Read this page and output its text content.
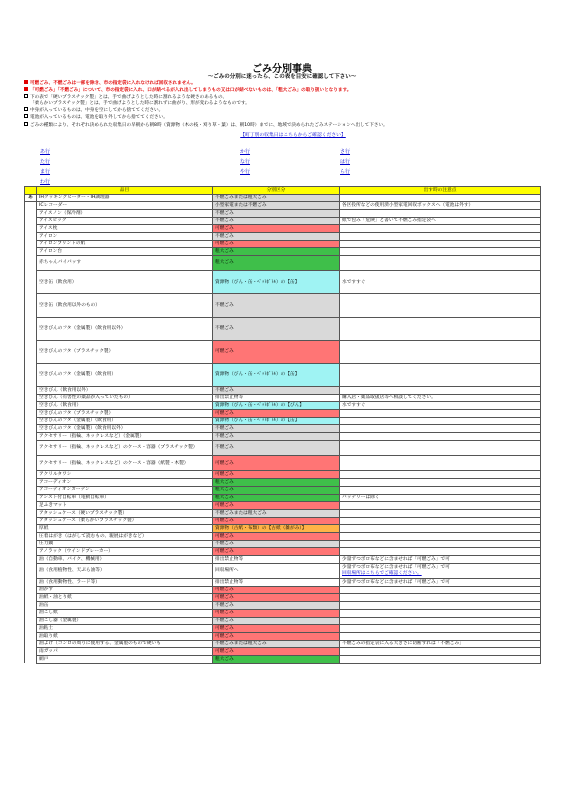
ごみ分別事典
〜ごみの分別に迷ったら、この表を目安に確認して下さい〜
可燃ごみ、不燃ごみは一部を除き、市の指定袋に入れなければ回収されません。
「可燃ごみ」「不燃ごみ」について、市の指定袋に入れ、口が結べるが入れ出してしまうもの又は口が結べないものは、「粗大ごみ」の取り扱いとなります。
下の表で「硬いプラスチック製」とは、手で曲げようとした時に割れるような硬さのあるもの、
「柔らかいプラスチック製」とは、手で曲げようとした時に割れずに曲がり、形が変わるようなものです。
中身が入っているものは、中身を空にしてから捨ててください。
電池が入っているものは、電池を取り外してから捨ててください。
ごみの種類により、それぞれ決められた収集日の早朝から朝8時（資源物（木の枝・刈り草・葉）は、朝10時）までに、地域で決められたごみステーションへ出して下さい。
【町丁別の収集日はこちらからご確認ください】
あ行	か行	さ行
た行	な行	は行
ま行	や行	ら行
わ行
	品目	分別区分	出す時の注意点
あ	IHクッキングヒーター・IH調理器	不燃ごみまたは粗大ごみ	

	ICレコーダー	小型家電または不燃ごみ	各区役所などの使用済小型家電回収ボックスへ（電池は外す）

	アイスノン（保冷剤）	不燃ごみ	

	アイスピック	不燃ごみ	紙で包み「危険」と書いて不燃ごみ指定袋へ

	アイス枕	可燃ごみ	

	アイロン	不燃ごみ	

	アイロンプリントの紙	可燃ごみ	

	アイロン台	粗大ごみ	

	赤ちゃんバイバッす	粗大ごみ	

	空き缶（飲食用）	資源物（びん・缶・ﾍﾟｯﾄﾎﾞﾄﾙ）の【缶】	水ですすぐ

	空き缶（飲食用以外のもの）	不燃ごみ	

	空きびんのフタ（金属製）（飲食用以外）	不燃ごみ	

	空きびんのフタ（プラスチック製）	可燃ごみ	

	空きびんのフタ（金属製）（飲食用）	資源物（びん・缶・ﾍﾟｯﾄﾎﾞﾄﾙ）の【缶】	

	空きびん（飲食用以外）	不燃ごみ	

	空きびん（有害性の薬品が入っていたもの）	排出禁止物等	購入店・薬品取扱店等へ相談してください。

	空きびん（飲食用）	資源物（びん・缶・ﾍﾟｯﾄﾎﾞﾄﾙ）の【びん】	水ですすぐ

	空きびんのフタ（プラスチック製）	可燃ごみ	

	空きびんのフタ（金属製）（飲食用）	資源物（びん・缶・ﾍﾟｯﾄﾎﾞﾄﾙ）の【缶】	

	空きびんのフタ（金属製）（飲食用以外）	不燃ごみ	

	アクセサリー（指輪、ネックレスなど）（金属製）	不燃ごみ	

	アクセサリー（指輪、ネックレスなど）のケース・容器（プラスチック製）	不燃ごみ	

	アクセサリー（指輪、ネックレスなど）のケース・容器（紙製・木製）	可燃ごみ	

	アクリルタワシ	可燃ごみ	

	アコーディオン	粗大ごみ	

	アコーディオンカーテン	粗大ごみ	

	アシスト付自転車（電動自転車）	粗大ごみ	バッテリーは除く

	足ふきマット	可燃ごみ	

	アタッシュケース（硬いプラスチック製）	不燃ごみまたは粗大ごみ	

	アタッシュケース（柔らかいプラスチック製）	可燃ごみ	

	厚紙	資源物（古紙・布類）の【古紙（雑がみ）】	

	圧着はがき（はがして読むもの、親展はがきなど）	可燃ごみ	

	圧力鍋	不燃ごみ	

	アノラック（ウインドブレーカー）	可燃ごみ	

	油（自動車、バイク、機械用）	排出禁止物等	少量ずつボロ布などに含ませれば「可燃ごみ」で可

	油（食用植物性、天ぷら油等）	回収場所へ	少量ずつボロ布などに含ませれば「可燃ごみ」で可
回収場所はこちらでご確認ください。

	油（食用動物性、ラード等）	排出禁止物等	少量ずつボロ布などに含ませれば「可燃ごみ」で可

	油かす	可燃ごみ	

	油紙・油とり紙	可燃ごみ	

	油缶	不燃ごみ	

	油こし紙	可燃ごみ	

	油こし器（金属製）	不燃ごみ	

	油粘土	可燃ごみ	

	油取り紙	可燃ごみ	

	油よけ（コンロの周りに使用する、金属製のもので硬いも	不燃ごみまたは粗大ごみ	不燃ごみの指定袋に入る大きさに切断すれば「不燃ごみ」

	雨ガッパ	可燃ごみ	

	網戸	粗大ごみ	
